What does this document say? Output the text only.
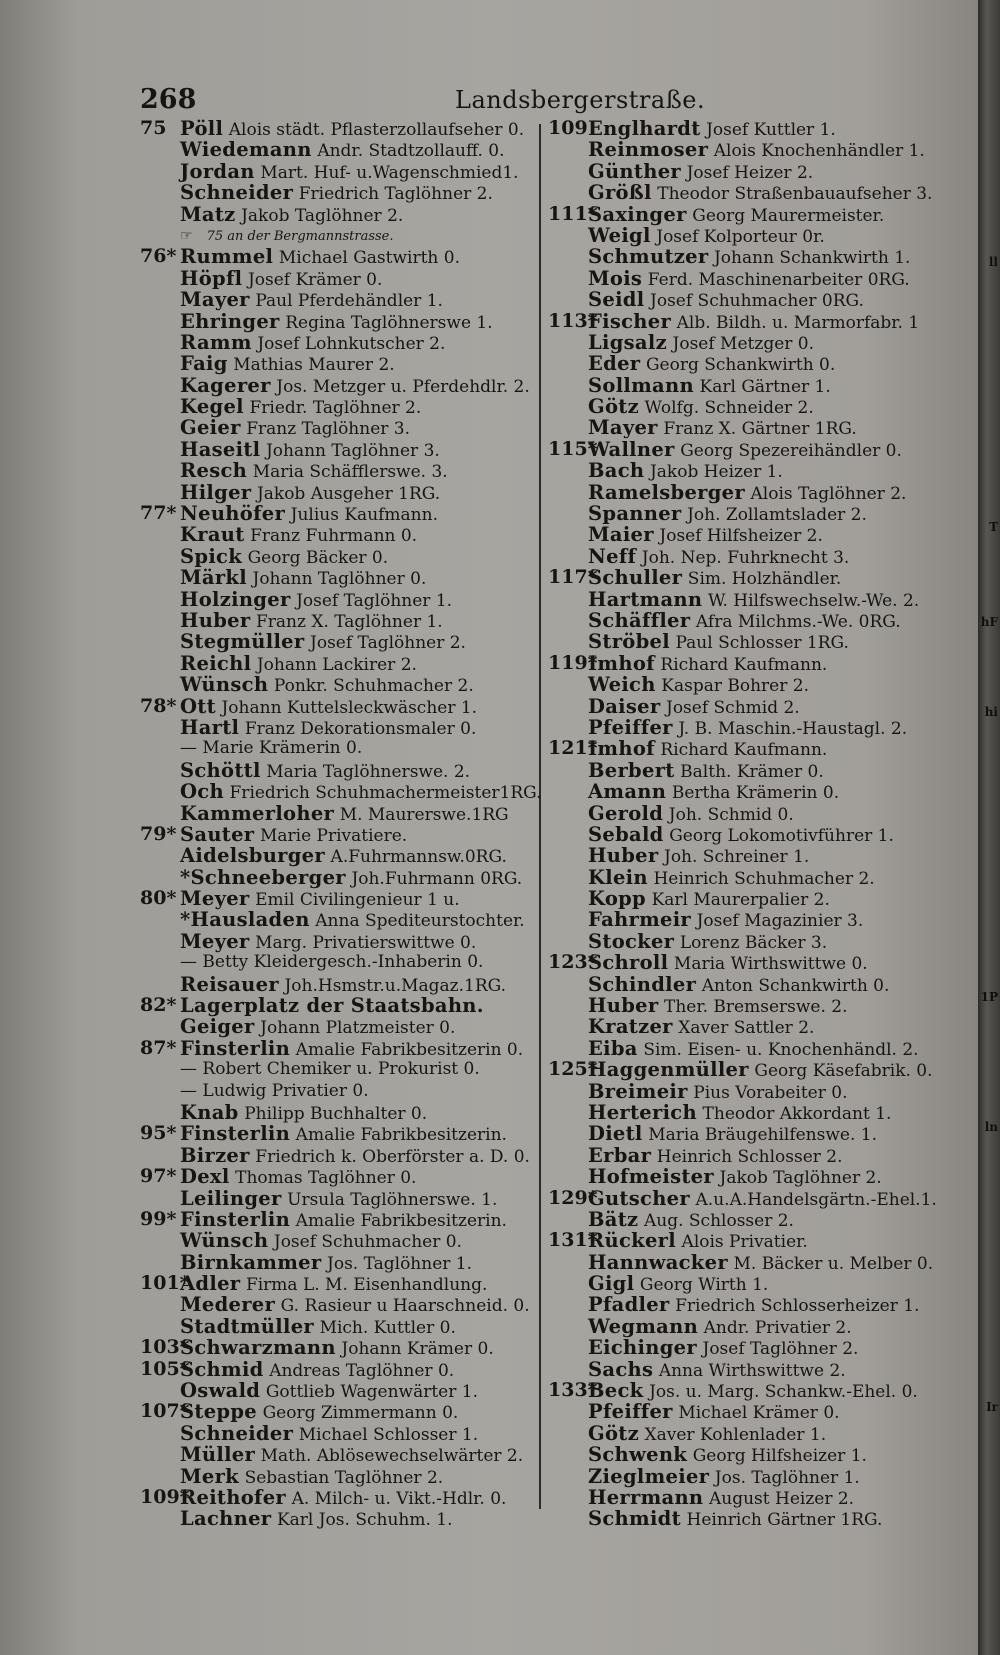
268	Landsbergerstraße.
75 Pöll Alois städt. Pflasterzollaufseher 0.
Wiedemann Andr. Stadtzollauff. 0.
Jordan Mart. Huf- u.Wagenschmied1.
Schneider Friedrich Taglöhner 2.
Matz Jakob Taglöhner 2.
☞ 75 an der Bergmannstrasse.
76* Rummel Michael Gastwirth 0.
Höpfl Josef Krämer 0.
Mayer Paul Pferdehändler 1.
Ehringer Regina Taglöhnerswe 1.
Ramm Josef Lohnkutscher 2.
Faig Mathias Maurer 2.
Kagerer Jos. Metzger u. Pferdehdlr. 2.
Kegel Friedr. Taglöhner 2.
Geier Franz Taglöhner 3.
Haseitl Johann Taglöhner 3.
Resch Maria Schäfflerswe. 3.
Hilger Jakob Ausgeher 1RG.
77* Neuhöfer Julius Kaufmann.
Kraut Franz Fuhrmann 0.
Spick Georg Bäcker 0.
Märkl Johann Taglöhner 0.
Holzinger Josef Taglöhner 1.
Huber Franz X. Taglöhner 1.
Stegmüller Josef Taglöhner 2.
Reichl Johann Lackirer 2.
Wünsch Ponkr. Schuhmacher 2.
78* Ott Johann Kuttelsleckwäscher 1.
Hartl Franz Dekorationsmaler 0.
— Marie Krämerin 0.
Schöttl Maria Taglöhnerswe. 2.
Och Friedrich Schuhmachermeister1RG.
Kammerloher M. Maurerswe.1RG
79* Sauter Marie Privatiere.
Aidelsburger A.Fuhrmannsw.0RG.
*Schneeberger Joh.Fuhrmann 0RG.
80* Meyer Emil Civilingenieur 1 u.
*Hausladen Anna Spediteurstochter.
Meyer Marg. Privatierswittwe 0.
— Betty Kleidergesch.-Inhaberin 0.
Reisauer Joh.Hsmstr.u.Magaz.1RG.
82* Lagerplatz der Staatsbahn.
Geiger Johann Platzmeister 0.
87* Finsterlin Amalie Fabrikbesitzerin 0.
— Robert Chemiker u. Prokurist 0.
— Ludwig Privatier 0.
Knab Philipp Buchhalter 0.
95* Finsterlin Amalie Fabrikbesitzerin.
Birzer Friedrich k. Oberförster a. D. 0.
97* Dexl Thomas Taglöhner 0.
Leilinger Ursula Taglöhnerswe. 1.
99* Finsterlin Amalie Fabrikbesitzerin.
Wünsch Josef Schuhmacher 0.
Birnkammer Jos. Taglöhner 1.
101*
Adler Firma L. M. Eisenhandlung.
Mederer G. Rasieur u Haarschneid. 0.
Stadtmüller Mich. Kuttler 0.
103*
Schwarzmann Johann Krämer 0.
105*
Schmid Andreas Taglöhner 0.
Oswald Gottlieb Wagenwärter 1.
107*
Steppe Georg Zimmermann 0.
Schneider Michael Schlosser 1.
Müller Math. Ablösewechselwärter 2.
Merk Sebastian Taglöhner 2.
109*
Reithofer A. Milch- u. Vikt.-Hdlr. 0.
Lachner Karl Jos. Schuhm. 1.
109 Englhardt Josef Kuttler 1.
Reinmoser Alois Knochenhändler 1.
Günther Josef Heizer 2.
Größl Theodor Straßenbauaufseher 3.
111*
Saxinger Georg Maurermeister.
Weigl Josef Kolporteur 0r.
Schmutzer Johann Schankwirth 1.
Mois Ferd. Maschinenarbeiter 0RG.
Seidl Josef Schuhmacher 0RG.
113*
Fischer Alb. Bildh. u. Marmorfabr. 1
Ligsalz Josef Metzger 0.
Eder Georg Schankwirth 0.
Sollmann Karl Gärtner 1.
Götz Wolfg. Schneider 2.
Mayer Franz X. Gärtner 1RG.
115*
Wallner Georg Spezereihändler 0.
Bach Jakob Heizer 1.
Ramelsberger Alois Taglöhner 2.
Spanner Joh. Zollamtslader 2.
Maier Josef Hilfsheizer 2.
Neff Joh. Nep. Fuhrknecht 3.
117*
Schuller Sim. Holzhändler.
Hartmann W. Hilfswechselw.-We. 2.
Schäffler Afra Milchms.-We. 0RG.
Ströbel Paul Schlosser 1RG.
119*
Imhof Richard Kaufmann.
Weich Kaspar Bohrer 2.
Daiser Josef Schmid 2.
Pfeiffer J. B. Maschin.-Haustagl. 2.
121*
Imhof Richard Kaufmann.
Berbert Balth. Krämer 0.
Amann Bertha Krämerin 0.
Gerold Joh. Schmid 0.
Sebald Georg Lokomotivführer 1.
Huber Joh. Schreiner 1.
Klein Heinrich Schuhmacher 2.
Kopp Karl Maurerpalier 2.
Fahrmeir Josef Magazinier 3.
Stocker Lorenz Bäcker 3.
123*
Schroll Maria Wirthswittwe 0.
Schindler Anton Schankwirth 0.
Huber Ther. Bremserswe. 2.
Kratzer Xaver Sattler 2.
Eiba Sim. Eisen- u. Knochenhändl. 2.
125*
Haggenmüller Georg Käsefabrik. 0.
Breimeir Pius Vorabeiter 0.
Herterich Theodor Akkordant 1.
Dietl Maria Bräugehilfenswe. 1.
Erbar Heinrich Schlosser 2.
Hofmeister Jakob Taglöhner 2.
129*
Gutscher A.u.A.Handelsgärtn.-Ehel.1.
Bätz Aug. Schlosser 2.
131*
Rückerl Alois Privatier.
Hannwacker M. Bäcker u. Melber 0.
Gigl Georg Wirth 1.
Pfadler Friedrich Schlosserheizer 1.
Wegmann Andr. Privatier 2.
Eichinger Josef Taglöhner 2.
Sachs Anna Wirthswittwe 2.
133*
Beck Jos. u. Marg. Schankw.-Ehel. 0.
Pfeiffer Michael Krämer 0.
Götz Xaver Kohlenlader 1.
Schwenk Georg Hilfsheizer 1.
Zieglmeier Jos. Taglöhner 1.
Herrmann August Heizer 2.
Schmidt Heinrich Gärtner 1RG.
ll
T
hF
hi
1P
ln
Ir
